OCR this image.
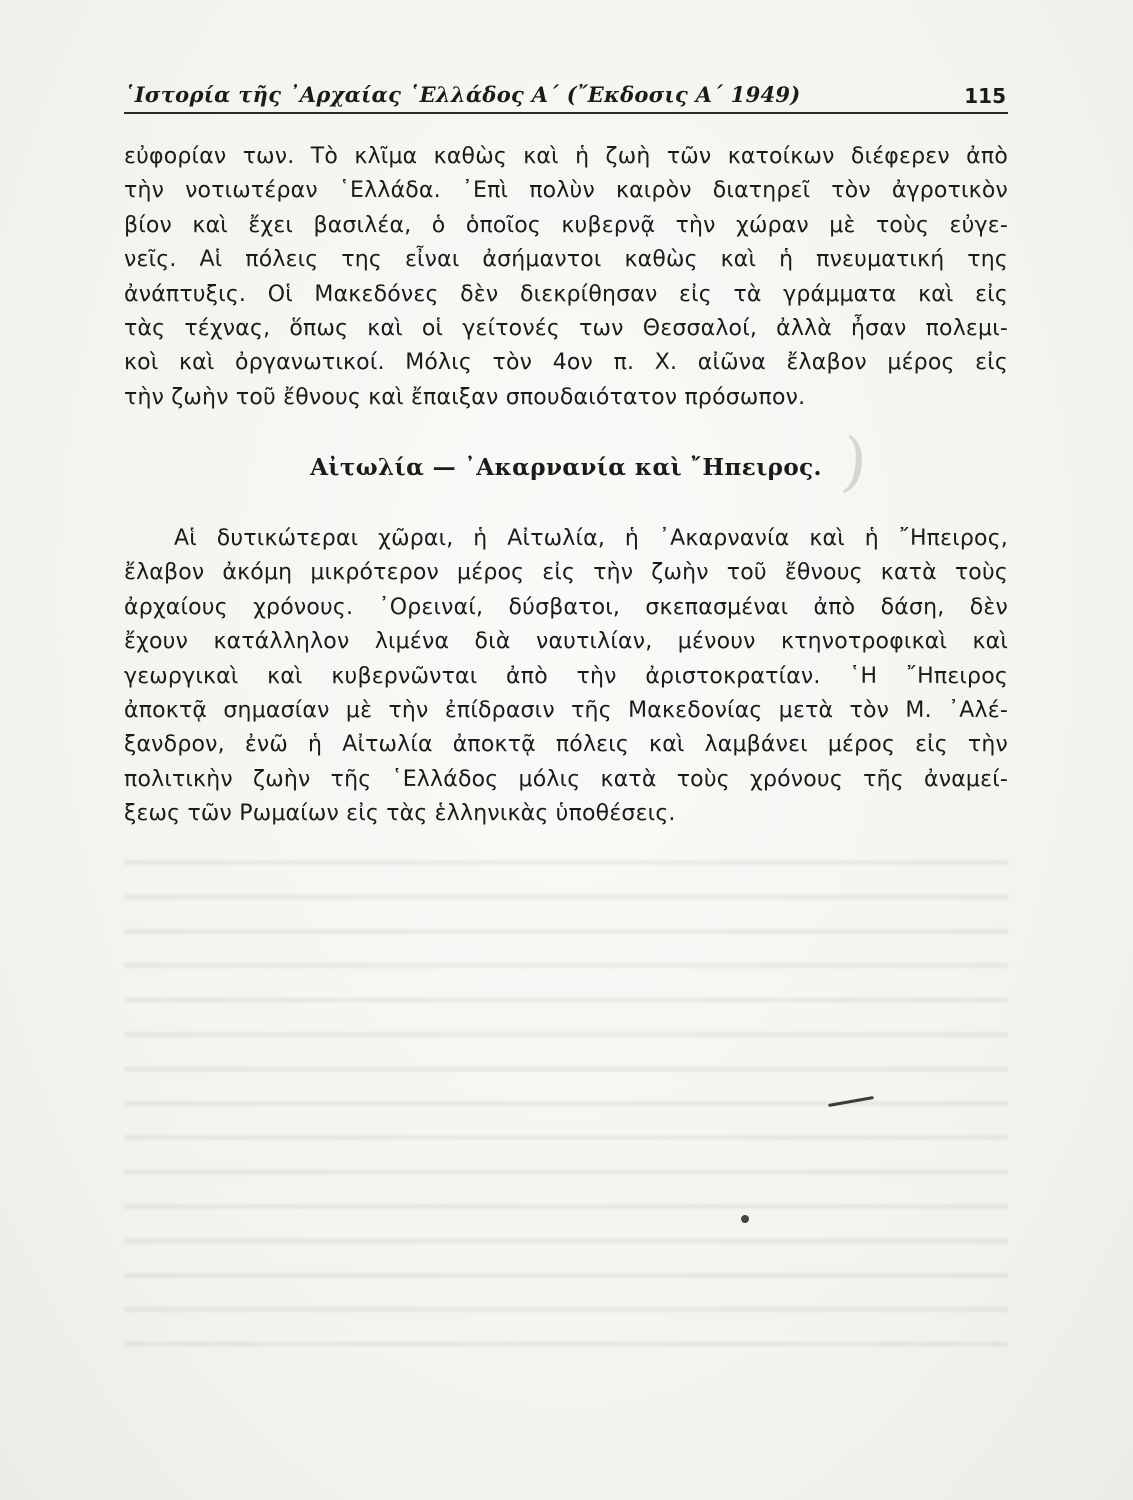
῾Ιστορία τῆς ᾿Αρχαίας ῾Ελλάδος Α΄ (῎Εκδοσις Α΄ 1949)	115
εὐφορίαν των. Τὸ κλῖμα καθὼς καὶ ἡ ζωὴ τῶν κατοίκων διέφερεν ἀπὸ
τὴν νοτιωτέραν ῾Ελλάδα. ᾿Επὶ πολὺν καιρὸν διατηρεῖ τὸν ἀγροτικὸν
βίον καὶ ἔχει βασιλέα, ὁ ὁποῖος κυβερνᾷ τὴν χώραν μὲ τοὺς εὐγε-
νεῖς. Αἱ πόλεις της εἶναι ἀσήμαντοι καθὼς καὶ ἡ πνευματική της
ἀνάπτυξις. Οἱ Μακεδόνες δὲν διεκρίθησαν εἰς τὰ γράμματα καὶ εἰς
τὰς τέχνας, ὅπως καὶ οἱ γείτονές των Θεσσαλοί, ἀλλὰ ἦσαν πολεμι-
κοὶ καὶ ὀργανωτικοί. Μόλις τὸν 4ον π. Χ. αἰῶνα ἔλαβον μέρος εἰς
τὴν ζωὴν τοῦ ἔθνους καὶ ἔπαιξαν σπουδαιότατον πρόσωπον.
Αἰτωλία — ᾿Ακαρνανία καὶ ῎Ηπειρος. )
Αἱ δυτικώτεραι χῶραι, ἡ Αἰτωλία, ἡ ᾿Ακαρνανία καὶ ἡ ῎Ηπειρος,
ἔλαβον ἀκόμη μικρότερον μέρος εἰς τὴν ζωὴν τοῦ ἔθνους κατὰ τοὺς
ἀρχαίους χρόνους. ᾿Ορειναί, δύσβατοι, σκεπασμέναι ἀπὸ δάση, δὲν
ἔχουν κατάλληλον λιμένα διὰ ναυτιλίαν, μένουν κτηνοτροφικαὶ καὶ
γεωργικαὶ καὶ κυβερνῶνται ἀπὸ τὴν ἀριστοκρατίαν. ῾Η ῎Ηπειρος
ἀποκτᾷ σημασίαν μὲ τὴν ἐπίδρασιν τῆς Μακεδονίας μετὰ τὸν Μ. ᾿Αλέ-
ξανδρον, ἐνῶ ἡ Αἰτωλία ἀποκτᾷ πόλεις καὶ λαμβάνει μέρος εἰς τὴν
πολιτικὴν ζωὴν τῆς ῾Ελλάδος μόλις κατὰ τοὺς χρόνους τῆς ἀναμεί-
ξεως τῶν Ρωμαίων εἰς τὰς ἑλληνικὰς ὑποθέσεις.
